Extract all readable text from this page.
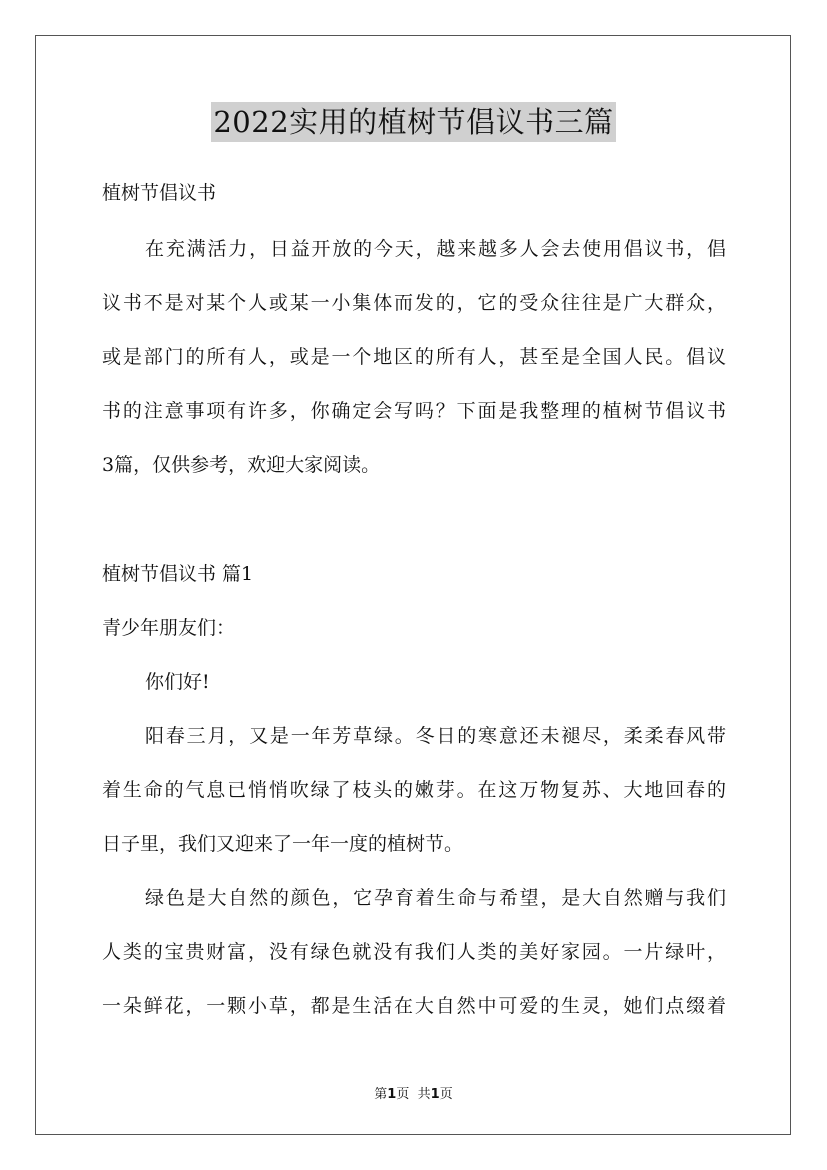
2022实用的植树节倡议书三篇
植树节倡议书
在充满活力，日益开放的今天，越来越多人会去使用倡议书，倡
议书不是对某个人或某一小集体而发的，它的受众往往是广大群众，
或是部门的所有人，或是一个地区的所有人，甚至是全国人民。倡议
书的注意事项有许多，你确定会写吗？下面是我整理的植树节倡议书
3篇，仅供参考，欢迎大家阅读。
植树节倡议书 篇1
青少年朋友们：
你们好!
阳春三月，又是一年芳草绿。冬日的寒意还未褪尽，柔柔春风带
着生命的气息已悄悄吹绿了枝头的嫩芽。在这万物复苏、大地回春的
日子里，我们又迎来了一年一度的植树节。
绿色是大自然的颜色，它孕育着生命与希望，是大自然赠与我们
人类的宝贵财富，没有绿色就没有我们人类的美好家园。一片绿叶，
一朵鲜花，一颗小草，都是生活在大自然中可爱的生灵，她们点缀着
第1页 共1页
